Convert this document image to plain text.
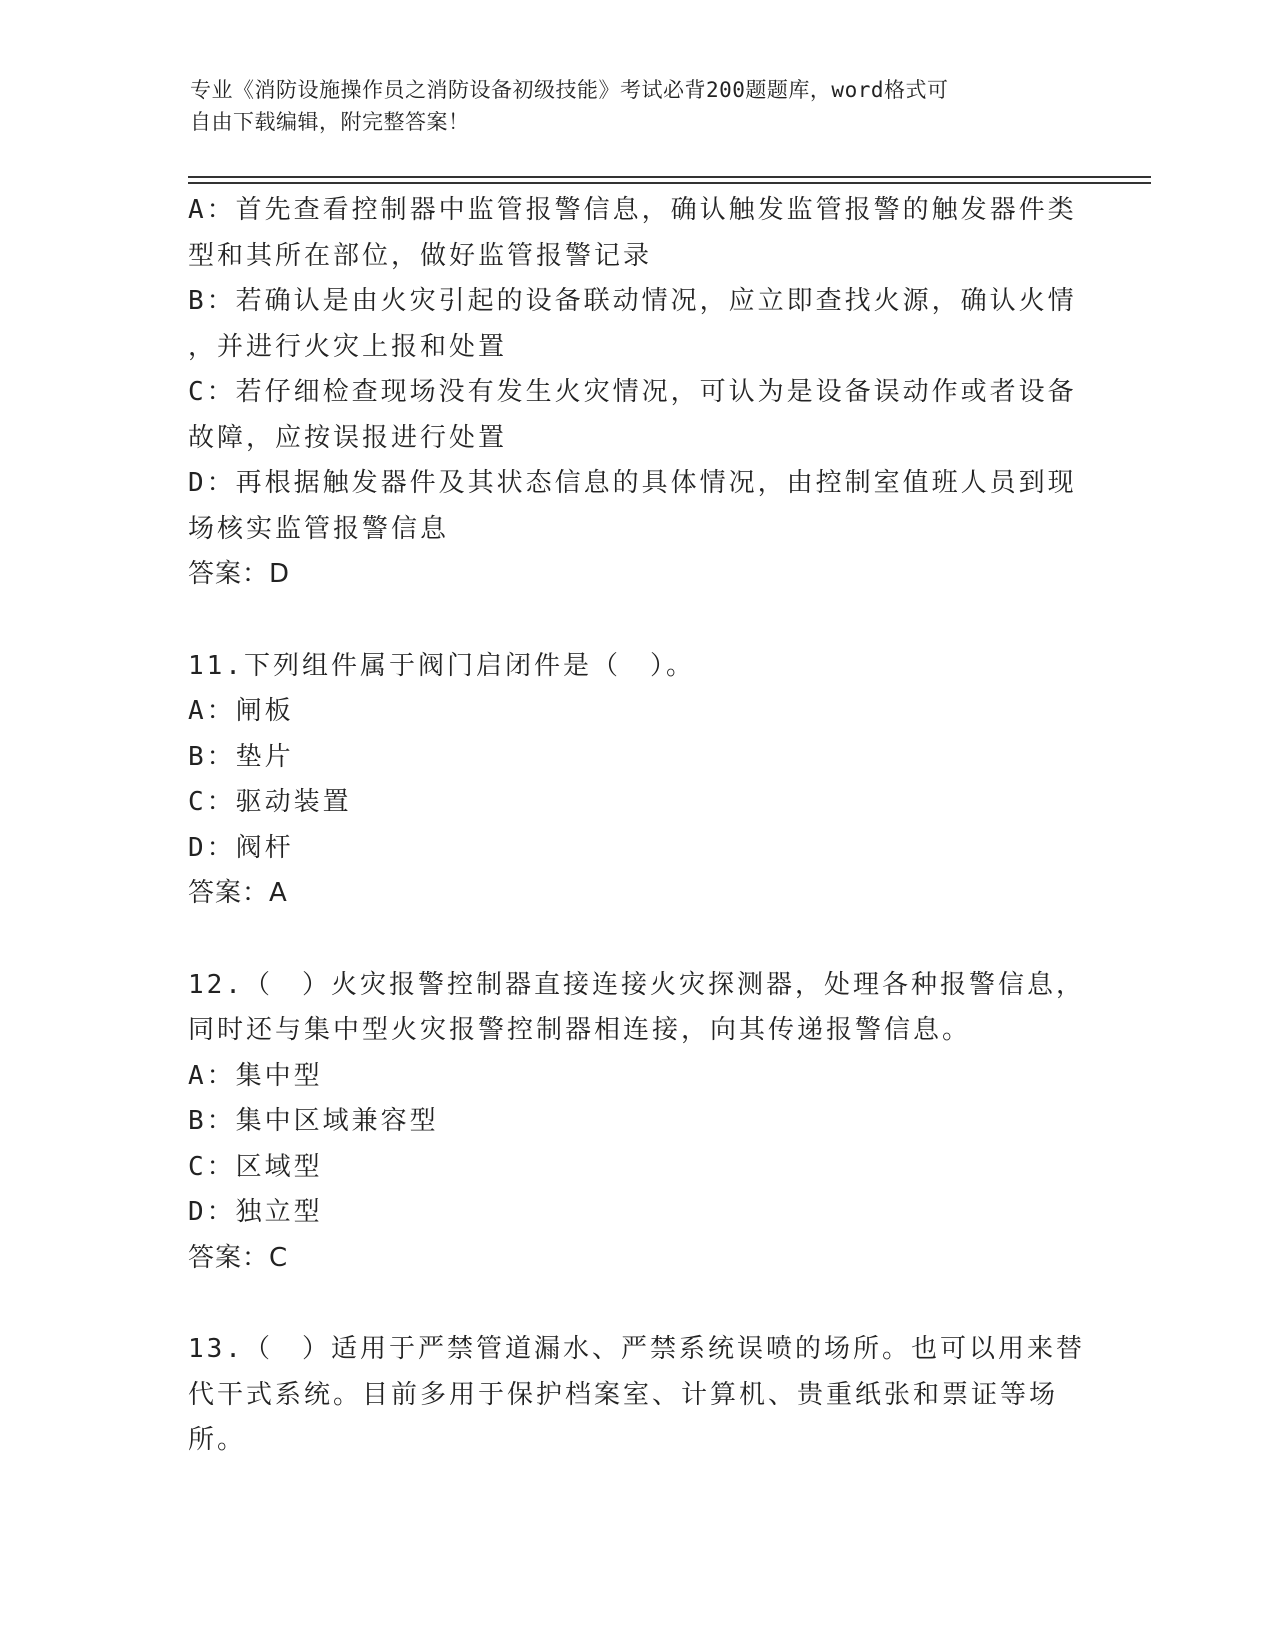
专业《消防设施操作员之消防设备初级技能》考试必背200题题库，word格式可
自由下载编辑，附完整答案！
A：首先查看控制器中监管报警信息，确认触发监管报警的触发器件类
型和其所在部位，做好监管报警记录
B：若确认是由火灾引起的设备联动情况，应立即查找火源，确认火情
，并进行火灾上报和处置
C：若仔细检查现场没有发生火灾情况，可认为是设备误动作或者设备
故障，应按误报进行处置
D：再根据触发器件及其状态信息的具体情况，由控制室值班人员到现
场核实监管报警信息
答案：D
11.下列组件属于阀门启闭件是（　）。
A：闸板
B：垫片
C：驱动装置
D：阀杆
答案：A
12.（　）火灾报警控制器直接连接火灾探测器，处理各种报警信息，
同时还与集中型火灾报警控制器相连接，向其传递报警信息。
A：集中型
B：集中区域兼容型
C：区域型
D：独立型
答案：C
13.（　）适用于严禁管道漏水、严禁系统误喷的场所。也可以用来替
代干式系统。目前多用于保护档案室、计算机、贵重纸张和票证等场
所。
